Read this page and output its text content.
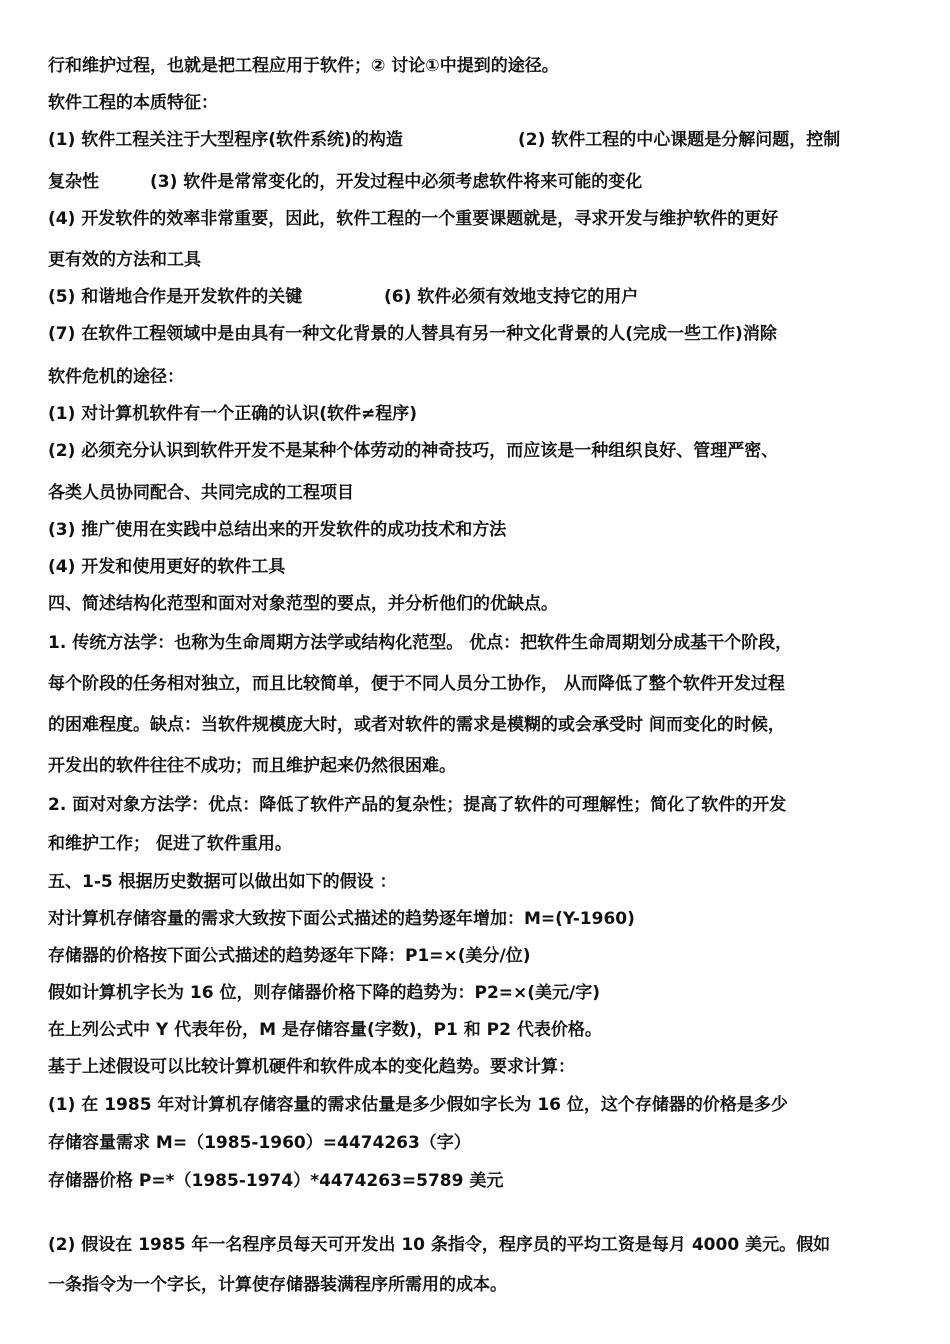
行和维护过程，也就是把工程应用于软件；② 讨论①中提到的途径。
软件工程的本质特征：
(1) 软件工程关注于大型程序(软件系统)的构造	(2) 软件工程的中心课题是分解问题，控制
复杂性	(3) 软件是常常变化的，开发过程中必须考虑软件将来可能的变化
(4) 开发软件的效率非常重要，因此，软件工程的一个重要课题就是，寻求开发与维护软件的更好
更有效的方法和工具
(5) 和谐地合作是开发软件的关键	(6) 软件必须有效地支持它的用户
(7) 在软件工程领域中是由具有一种文化背景的人替具有另一种文化背景的人(完成一些工作)消除
软件危机的途径：
(1) 对计算机软件有一个正确的认识(软件≠程序)
(2) 必须充分认识到软件开发不是某种个体劳动的神奇技巧，而应该是一种组织良好、管理严密、
各类人员协同配合、共同完成的工程项目
(3) 推广使用在实践中总结出来的开发软件的成功技术和方法
(4) 开发和使用更好的软件工具
四、简述结构化范型和面对对象范型的要点，并分析他们的优缺点。
1. 传统方法学：也称为生命周期方法学或结构化范型。 优点：把软件生命周期划分成基干个阶段，
每个阶段的任务相对独立，而且比较简单，便于不同人员分工协作， 从而降低了整个软件开发过程
的困难程度。缺点：当软件规模庞大时，或者对软件的需求是模糊的或会承受时 间而变化的时候，
开发出的软件往往不成功；而且维护起来仍然很困难。
2. 面对对象方法学：优点：降低了软件产品的复杂性；提高了软件的可理解性；简化了软件的开发
和维护工作； 促进了软件重用。
五、1-5 根据历史数据可以做出如下的假设 ：
对计算机存储容量的需求大致按下面公式描述的趋势逐年增加：M=(Y-1960)
存储器的价格按下面公式描述的趋势逐年下降：P1=×(美分/位)
假如计算机字长为 16 位，则存储器价格下降的趋势为：P2=×(美元/字)
在上列公式中 Y 代表年份，M 是存储容量(字数)，P1 和 P2 代表价格。
基于上述假设可以比较计算机硬件和软件成本的变化趋势。要求计算：
(1) 在 1985 年对计算机存储容量的需求估量是多少假如字长为 16 位，这个存储器的价格是多少
存储容量需求 M=（1985-1960）=4474263（字）
存储器价格 P=*（1985-1974）*4474263=5789 美元
(2) 假设在 1985 年一名程序员每天可开发出 10 条指令，程序员的平均工资是每月 4000 美元。假如
一条指令为一个字长，计算使存储器装满程序所需用的成本。
